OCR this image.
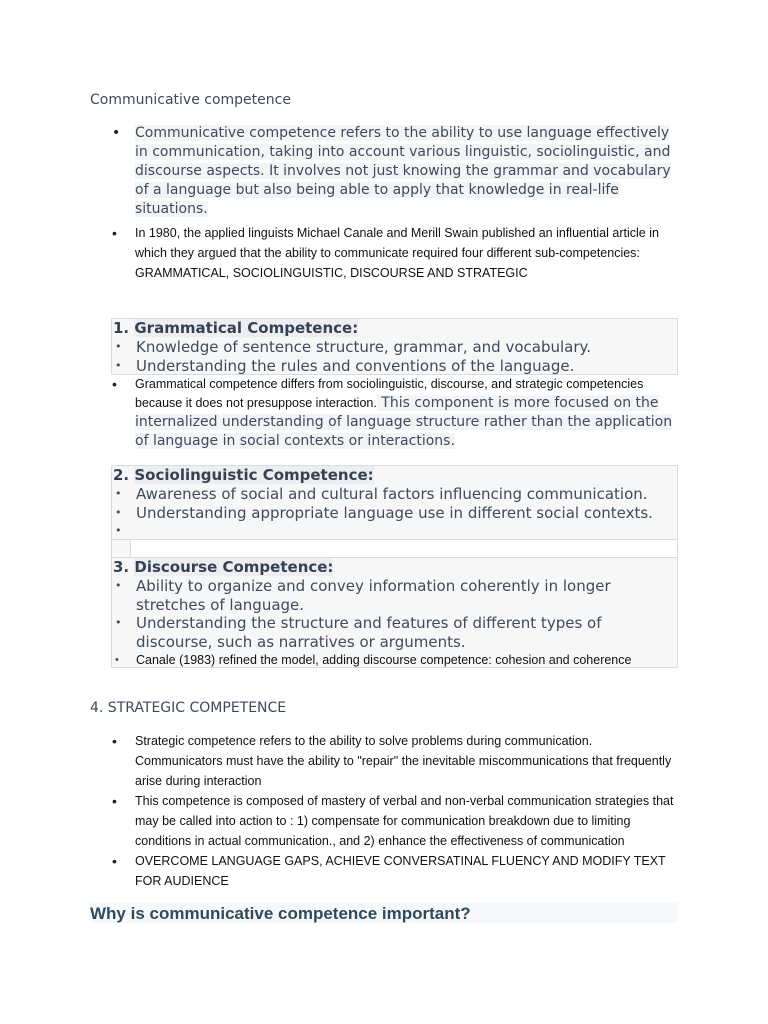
Communicative competence
• Communicative competence refers to the ability to use language effectively in communication, taking into account various linguistic, sociolinguistic, and discourse aspects. It involves not just knowing the grammar and vocabulary of a language but also being able to apply that knowledge in real-life situations.
• In 1980, the applied linguists Michael Canale and Merill Swain published an influential article in which they argued that the ability to communicate required four different sub-competencies: GRAMMATICAL, SOCIOLINGUISTIC, DISCOURSE AND STRATEGIC
1. Grammatical Competence:
• Knowledge of sentence structure, grammar, and vocabulary.
• Understanding the rules and conventions of the language.
• Grammatical competence differs from sociolinguistic, discourse, and strategic competencies because it does not presuppose interaction. This component is more focused on the internalized understanding of language structure rather than the application of language in social contexts or interactions.
2. Sociolinguistic Competence:
• Awareness of social and cultural factors influencing communication.
• Understanding appropriate language use in different social contexts.
•
3. Discourse Competence:
• Ability to organize and convey information coherently in longer stretches of language.
• Understanding the structure and features of different types of discourse, such as narratives or arguments.
• Canale (1983) refined the model, adding discourse competence: cohesion and coherence
4. STRATEGIC COMPETENCE
• Strategic competence refers to the ability to solve problems during communication. Communicators must have the ability to "repair" the inevitable miscommunications that frequently arise during interaction
• This competence is composed of mastery of verbal and non-verbal communication strategies that may be called into action to : 1) compensate for communication breakdown due to limiting conditions in actual communication., and 2) enhance the effectiveness of communication
• OVERCOME LANGUAGE GAPS, ACHIEVE CONVERSATINAL FLUENCY AND MODIFY TEXT FOR AUDIENCE
Why is communicative competence important?
